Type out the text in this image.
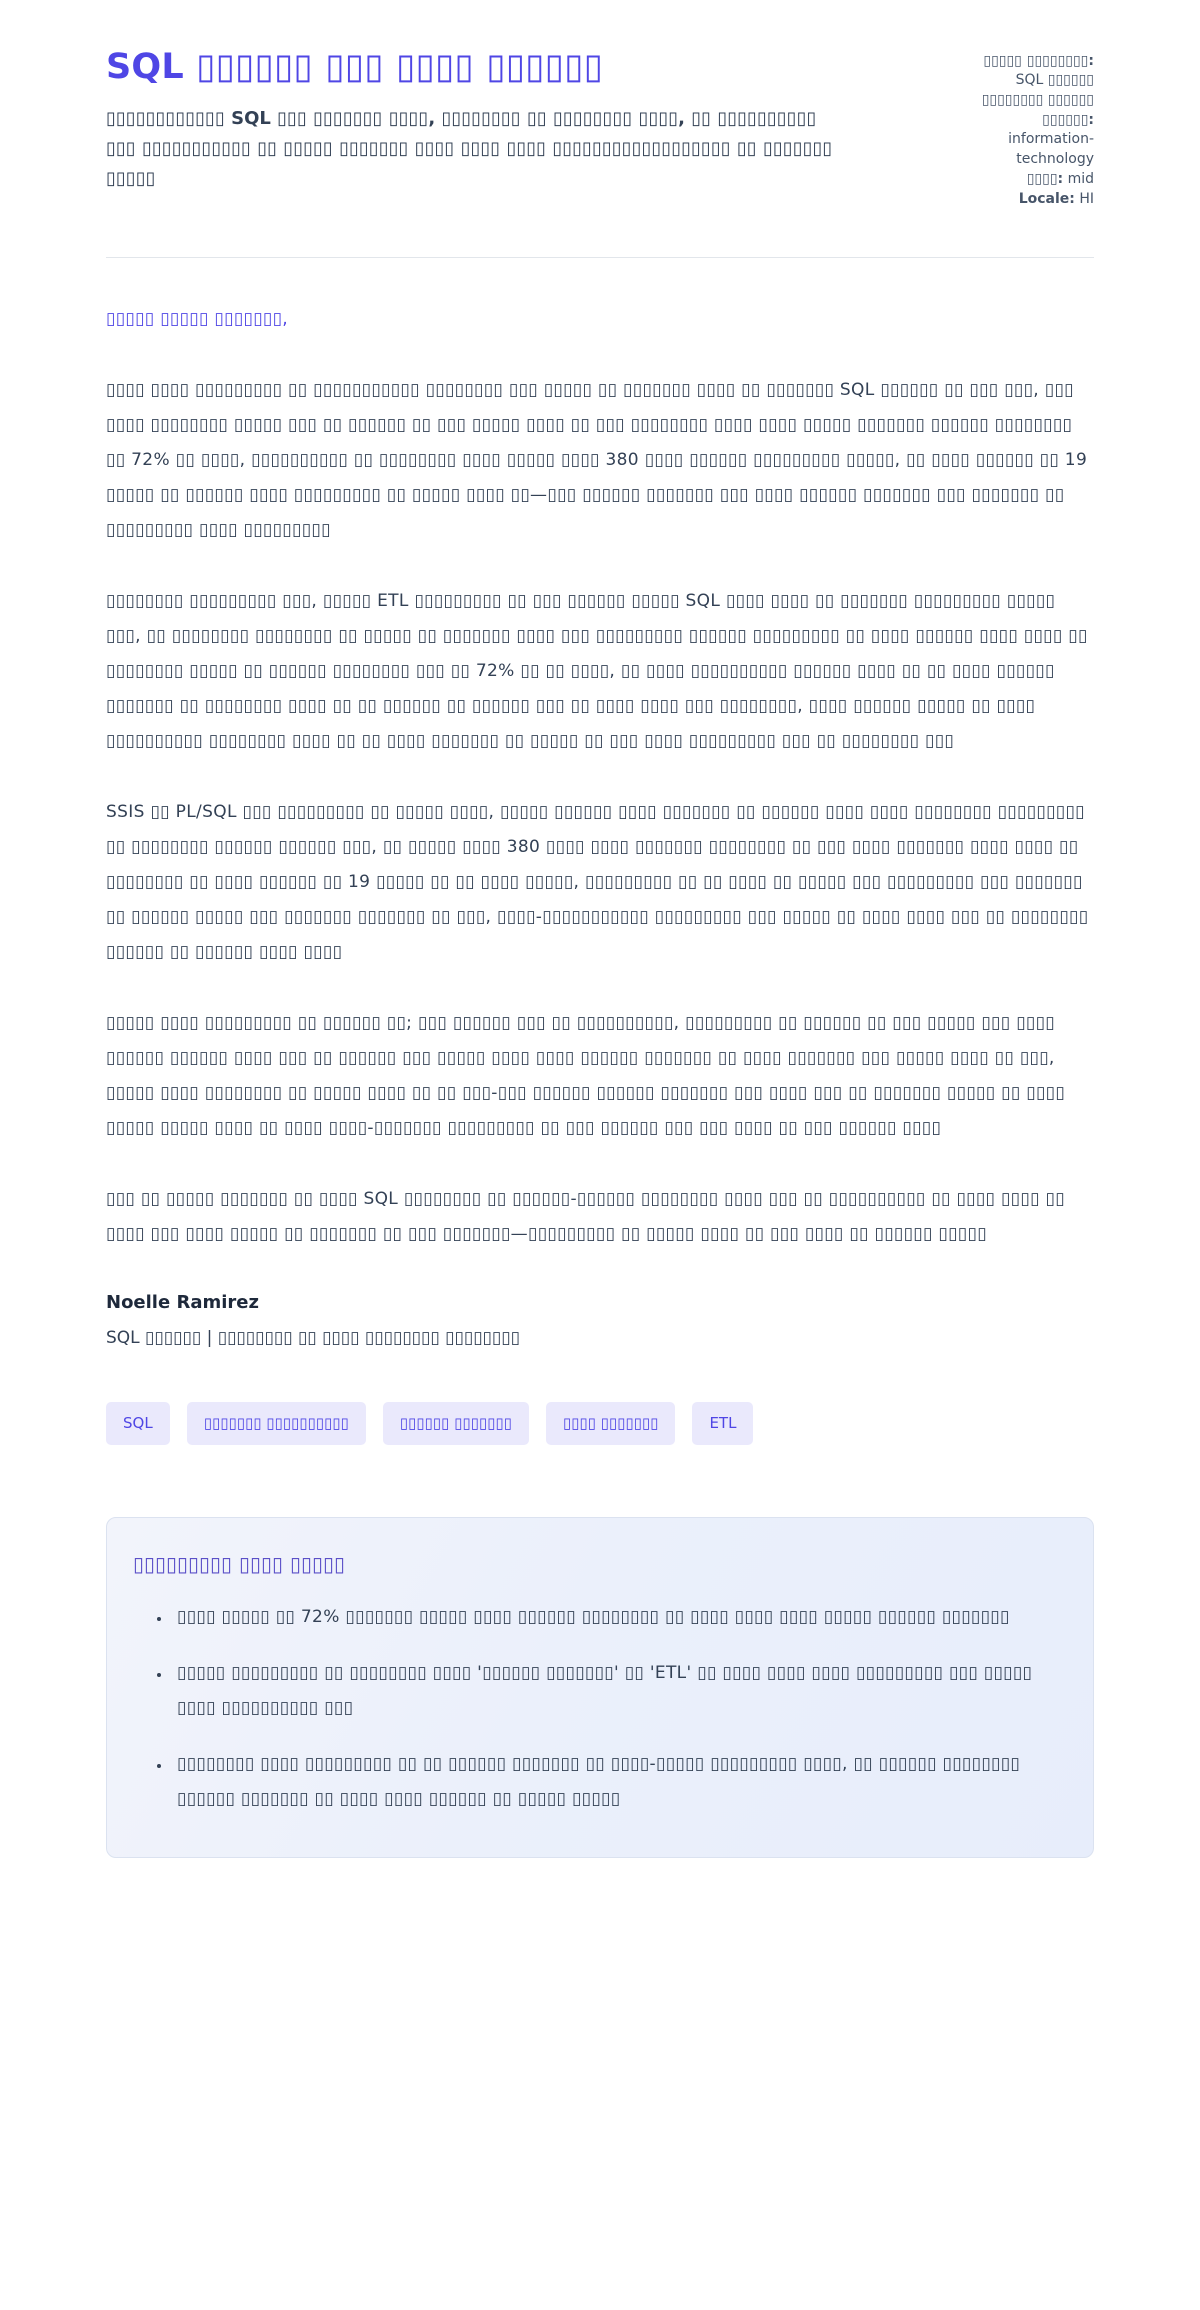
SQL ▯▯▯▯▯▯ ▯▯▯ ▯▯▯▯ ▯▯▯▯▯▯

▯▯▯▯▯▯▯▯▯▯▯▯ SQL ▯▯▯ ▯▯▯▯▯▯▯ ▯▯▯▯, ▯▯▯▯▯▯▯▯ ▯▯ ▯▯▯▯▯▯▯▯ ▯▯▯▯, ▯▯ ▯▯▯▯▯▯▯▯▯▯ ▯▯▯ ▯▯▯▯▯▯▯▯▯▯▯ ▯▯ ▯▯▯▯▯ ▯▯▯▯▯▯▯ ▯▯▯▯ ▯▯▯▯ ▯▯▯▯ ▯▯▯▯▯▯▯▯▯▯▯▯▯▯▯▯▯▯ ▯▯ ▯▯▯▯▯▯▯ ▯▯▯▯▯

▯▯▯▯▯ ▯▯▯▯▯▯▯▯: SQL ▯▯▯▯▯▯ ▯▯▯▯▯▯▯▯ ▯▯▯▯▯▯
▯▯▯▯▯▯: information-technology
▯▯▯▯: mid
Locale: HI

▯▯▯▯▯ ▯▯▯▯▯ ▯▯▯▯▯▯▯,

▯▯▯▯ ▯▯▯▯ ▯▯▯▯▯▯▯▯▯ ▯▯ ▯▯▯▯▯▯▯▯▯▯▯ ▯▯▯▯▯▯▯▯ ▯▯▯ ▯▯▯▯▯ ▯▯ ▯▯▯▯▯▯▯ ▯▯▯▯ ▯▯ ▯▯▯▯▯▯▯ SQL ▯▯▯▯▯▯ ▯▯ ▯▯▯ ▯▯▯, ▯▯▯ ▯▯▯▯ ▯▯▯▯▯▯▯▯ ▯▯▯▯▯ ▯▯▯ ▯▯ ▯▯▯▯▯▯ ▯▯ ▯▯▯ ▯▯▯▯▯ ▯▯▯▯ ▯▯ ▯▯▯ ▯▯▯▯▯▯▯▯ ▯▯▯▯ ▯▯▯▯ ▯▯▯▯▯ ▯▯▯▯▯▯▯ ▯▯▯▯▯▯ ▯▯▯▯▯▯▯▯ ▯▯ 72% ▯▯ ▯▯▯▯, ▯▯▯▯▯▯▯▯▯▯ ▯▯ ▯▯▯▯▯▯▯▯ ▯▯▯▯ ▯▯▯▯▯ ▯▯▯▯ 380 ▯▯▯▯ ▯▯▯▯▯▯ ▯▯▯▯▯▯▯▯▯ ▯▯▯▯▯, ▯▯ ▯▯▯▯ ▯▯▯▯▯▯ ▯▯ 19 ▯▯▯▯▯ ▯▯ ▯▯▯▯▯▯ ▯▯▯▯ ▯▯▯▯▯▯▯▯▯ ▯▯ ▯▯▯▯▯ ▯▯▯▯ ▯▯—▯▯▯ ▯▯▯▯▯▯ ▯▯▯▯▯▯▯ ▯▯▯ ▯▯▯▯ ▯▯▯▯▯▯ ▯▯▯▯▯▯▯ ▯▯▯ ▯▯▯▯▯▯▯ ▯▯ ▯▯▯▯▯▯▯▯▯ ▯▯▯▯ ▯▯▯▯▯▯▯▯▯

▯▯▯▯▯▯▯▯ ▯▯▯▯▯▯▯▯▯ ▯▯▯, ▯▯▯▯▯ ETL ▯▯▯▯▯▯▯▯▯ ▯▯ ▯▯▯ ▯▯▯▯▯▯ ▯▯▯▯▯ SQL ▯▯▯▯ ▯▯▯▯ ▯▯ ▯▯▯▯▯▯▯ ▯▯▯▯▯▯▯▯▯ ▯▯▯▯▯ ▯▯▯, ▯▯ ▯▯▯▯▯▯▯▯ ▯▯▯▯▯▯▯▯ ▯▯ ▯▯▯▯▯ ▯▯ ▯▯▯▯▯▯▯ ▯▯▯▯ ▯▯▯ ▯▯▯▯▯▯▯▯▯ ▯▯▯▯▯▯ ▯▯▯▯▯▯▯▯▯ ▯▯ ▯▯▯▯ ▯▯▯▯▯▯ ▯▯▯▯ ▯▯▯▯ ▯▯ ▯▯▯▯▯▯▯▯ ▯▯▯▯▯ ▯▯ ▯▯▯▯▯▯ ▯▯▯▯▯▯▯▯ ▯▯▯ ▯▯ 72% ▯▯ ▯▯ ▯▯▯▯, ▯▯ ▯▯▯▯ ▯▯▯▯▯▯▯▯▯▯ ▯▯▯▯▯▯ ▯▯▯▯ ▯▯ ▯▯ ▯▯▯▯ ▯▯▯▯▯▯ ▯▯▯▯▯▯▯ ▯▯ ▯▯▯▯▯▯▯▯ ▯▯▯▯ ▯▯ ▯▯ ▯▯▯▯▯▯ ▯▯ ▯▯▯▯▯▯ ▯▯▯ ▯▯ ▯▯▯▯ ▯▯▯▯ ▯▯▯ ▯▯▯▯▯▯▯▯, ▯▯▯▯ ▯▯▯▯▯▯ ▯▯▯▯▯ ▯▯ ▯▯▯▯ ▯▯▯▯▯▯▯▯▯▯ ▯▯▯▯▯▯▯▯ ▯▯▯▯ ▯▯ ▯▯ ▯▯▯▯ ▯▯▯▯▯▯▯ ▯▯ ▯▯▯▯▯ ▯▯ ▯▯▯ ▯▯▯▯ ▯▯▯▯▯▯▯▯▯ ▯▯▯ ▯▯ ▯▯▯▯▯▯▯▯ ▯▯▯

SSIS ▯▯ PL/SQL ▯▯▯ ▯▯▯▯▯▯▯▯▯ ▯▯ ▯▯▯▯▯ ▯▯▯▯, ▯▯▯▯▯ ▯▯▯▯▯▯ ▯▯▯▯ ▯▯▯▯▯▯▯ ▯▯ ▯▯▯▯▯▯ ▯▯▯▯ ▯▯▯▯ ▯▯▯▯▯▯▯▯ ▯▯▯▯▯▯▯▯▯ ▯▯ ▯▯▯▯▯▯▯▯ ▯▯▯▯▯▯ ▯▯▯▯▯▯ ▯▯▯, ▯▯ ▯▯▯▯▯ ▯▯▯▯ 380 ▯▯▯▯ ▯▯▯▯ ▯▯▯▯▯▯▯ ▯▯▯▯▯▯▯▯ ▯▯ ▯▯▯ ▯▯▯▯ ▯▯▯▯▯▯▯ ▯▯▯▯ ▯▯▯▯ ▯▯ ▯▯▯▯▯▯▯▯ ▯▯ ▯▯▯▯ ▯▯▯▯▯▯ ▯▯ 19 ▯▯▯▯▯ ▯▯ ▯▯ ▯▯▯▯ ▯▯▯▯▯, ▯▯▯▯▯▯▯▯▯ ▯▯ ▯▯ ▯▯▯▯ ▯▯ ▯▯▯▯▯ ▯▯▯ ▯▯▯▯▯▯▯▯▯ ▯▯▯ ▯▯▯▯▯▯▯ ▯▯ ▯▯▯▯▯▯ ▯▯▯▯▯ ▯▯▯ ▯▯▯▯▯▯▯ ▯▯▯▯▯▯▯ ▯▯ ▯▯▯, ▯▯▯▯-▯▯▯▯▯▯▯▯▯▯▯ ▯▯▯▯▯▯▯▯▯ ▯▯▯ ▯▯▯▯▯ ▯▯ ▯▯▯▯ ▯▯▯▯ ▯▯▯ ▯▯ ▯▯▯▯▯▯▯▯ ▯▯▯▯▯▯ ▯▯ ▯▯▯▯▯▯ ▯▯▯▯ ▯▯▯▯

▯▯▯▯▯ ▯▯▯▯ ▯▯▯▯▯▯▯▯▯ ▯▯ ▯▯▯▯▯▯ ▯▯; ▯▯▯ ▯▯▯▯▯▯ ▯▯▯ ▯▯ ▯▯▯▯▯▯▯▯▯▯, ▯▯▯▯▯▯▯▯▯ ▯▯ ▯▯▯▯▯▯ ▯▯ ▯▯▯ ▯▯▯▯▯ ▯▯▯ ▯▯▯▯ ▯▯▯▯▯▯ ▯▯▯▯▯▯ ▯▯▯▯ ▯▯▯ ▯▯ ▯▯▯▯▯▯ ▯▯▯ ▯▯▯▯▯ ▯▯▯▯ ▯▯▯▯ ▯▯▯▯▯▯ ▯▯▯▯▯▯▯ ▯▯ ▯▯▯▯ ▯▯▯▯▯▯▯ ▯▯▯ ▯▯▯▯▯ ▯▯▯▯ ▯▯ ▯▯▯, ▯▯▯▯▯ ▯▯▯▯ ▯▯▯▯▯▯▯▯ ▯▯ ▯▯▯▯▯ ▯▯▯▯ ▯▯ ▯▯ ▯▯▯-▯▯▯ ▯▯▯▯▯▯ ▯▯▯▯▯▯ ▯▯▯▯▯▯▯ ▯▯▯ ▯▯▯▯ ▯▯▯ ▯▯ ▯▯▯▯▯▯▯ ▯▯▯▯▯ ▯▯ ▯▯▯▯ ▯▯▯▯▯ ▯▯▯▯▯ ▯▯▯▯ ▯▯ ▯▯▯▯ ▯▯▯▯-▯▯▯▯▯▯▯ ▯▯▯▯▯▯▯▯▯ ▯▯ ▯▯▯ ▯▯▯▯▯▯ ▯▯▯ ▯▯▯ ▯▯▯▯ ▯▯ ▯▯▯ ▯▯▯▯▯▯ ▯▯▯▯

▯▯▯ ▯▯ ▯▯▯▯▯ ▯▯▯▯▯▯▯ ▯▯ ▯▯▯▯ SQL ▯▯▯▯▯▯▯▯ ▯▯ ▯▯▯▯▯▯-▯▯▯▯▯▯ ▯▯▯▯▯▯▯▯ ▯▯▯▯ ▯▯▯ ▯▯ ▯▯▯▯▯▯▯▯▯▯ ▯▯ ▯▯▯▯ ▯▯▯▯ ▯▯ ▯▯▯▯ ▯▯▯ ▯▯▯▯ ▯▯▯▯▯ ▯▯ ▯▯▯▯▯▯▯ ▯▯ ▯▯▯ ▯▯▯▯▯▯▯—▯▯▯▯▯▯▯▯▯ ▯▯ ▯▯▯▯▯ ▯▯▯▯ ▯▯ ▯▯▯ ▯▯▯▯ ▯▯ ▯▯▯▯▯▯ ▯▯▯▯▯

Noelle Ramirez

SQL ▯▯▯▯▯▯ | ▯▯▯▯▯▯▯▯ ▯▯ ▯▯▯▯ ▯▯▯▯▯▯▯▯ ▯▯▯▯▯▯▯▯

SQL	▯▯▯▯▯▯▯ ▯▯▯▯▯▯▯▯▯▯	▯▯▯▯▯▯ ▯▯▯▯▯▯▯	▯▯▯▯ ▯▯▯▯▯▯▯	ETL
▯▯▯▯▯▯▯▯▯ ▯▯▯▯ ▯▯▯▯▯
• ▯▯▯▯ ▯▯▯▯▯ ▯▯ 72% ▯▯▯▯▯▯▯ ▯▯▯▯▯ ▯▯▯▯ ▯▯▯▯▯▯ ▯▯▯▯▯▯▯▯ ▯▯ ▯▯▯▯ ▯▯▯▯ ▯▯▯▯ ▯▯▯▯▯ ▯▯▯▯▯▯ ▯▯▯▯▯▯▯
• ▯▯▯▯▯ ▯▯▯▯▯▯▯▯▯ ▯▯ ▯▯▯▯▯▯▯▯ ▯▯▯▯ '▯▯▯▯▯▯ ▯▯▯▯▯▯▯' ▯▯ 'ETL' ▯▯ ▯▯▯▯ ▯▯▯▯ ▯▯▯▯ ▯▯▯▯▯▯▯▯▯ ▯▯▯ ▯▯▯▯▯ ▯▯▯▯ ▯▯▯▯▯▯▯▯▯▯ ▯▯▯
• ▯▯▯▯▯▯▯▯ ▯▯▯▯ ▯▯▯▯▯▯▯▯▯ ▯▯ ▯▯ ▯▯▯▯▯▯ ▯▯▯▯▯▯▯ ▯▯ ▯▯▯▯-▯▯▯▯▯ ▯▯▯▯▯▯▯▯▯ ▯▯▯▯, ▯▯ ▯▯▯▯▯▯ ▯▯▯▯▯▯▯▯ ▯▯▯▯▯▯ ▯▯▯▯▯▯▯ ▯▯ ▯▯▯▯ ▯▯▯▯ ▯▯▯▯▯▯ ▯▯ ▯▯▯▯▯ ▯▯▯▯▯
